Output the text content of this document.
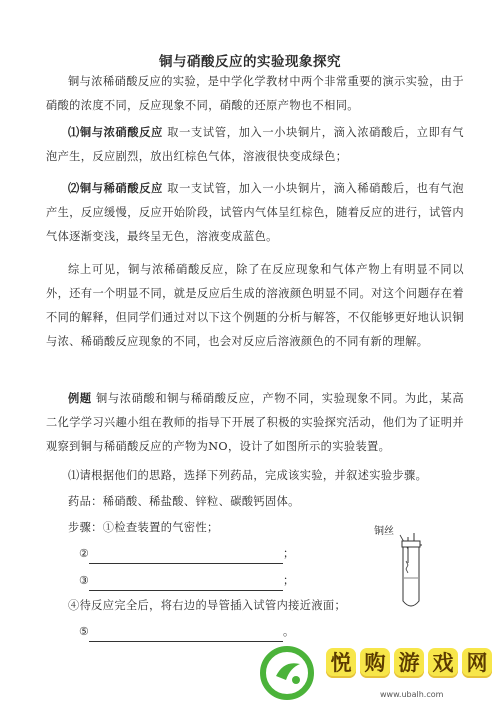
铜与硝酸反应的实验现象探究
铜与浓稀硝酸反应的实验，是中学化学教材中两个非常重要的演示实验，由于硝酸的浓度不同，反应现象不同，硝酸的还原产物也不相同。
⑴铜与浓硝酸反应 取一支试管，加入一小块铜片，滴入浓硝酸后，立即有气泡产生，反应剧烈，放出红棕色气体，溶液很快变成绿色；
⑵铜与稀硝酸反应 取一支试管，加入一小块铜片，滴入稀硝酸后，也有气泡产生，反应缓慢，反应开始阶段，试管内气体呈红棕色，随着反应的进行，试管内气体逐渐变浅，最终呈无色，溶液变成蓝色。
综上可见，铜与浓稀硝酸反应，除了在反应现象和气体产物上有明显不同以外，还有一个明显不同，就是反应后生成的溶液颜色明显不同。对这个问题存在着不同的解释，但同学们通过对以下这个例题的分析与解答，不仅能够更好地认识铜与浓、稀硝酸反应现象的不同，也会对反应后溶液颜色的不同有新的理解。
例题 铜与浓硝酸和铜与稀硝酸反应，产物不同，实验现象不同。为此，某高二化学学习兴趣小组在教师的指导下开展了积极的实验探究活动，他们为了证明并观察到铜与稀硝酸反应的产物为NO，设计了如图所示的实验装置。
⑴请根据他们的思路，选择下列药品，完成该实验，并叙述实验步骤。
药品：稀硝酸、稀盐酸、锌粒、碳酸钙固体。
步骤：①检查装置的气密性；
②	；
③	；
④待反应完全后，将右边的导管插入试管内接近液面；
⑤	。
铜丝
悦 购 游 戏 网
www.ubalh.com
